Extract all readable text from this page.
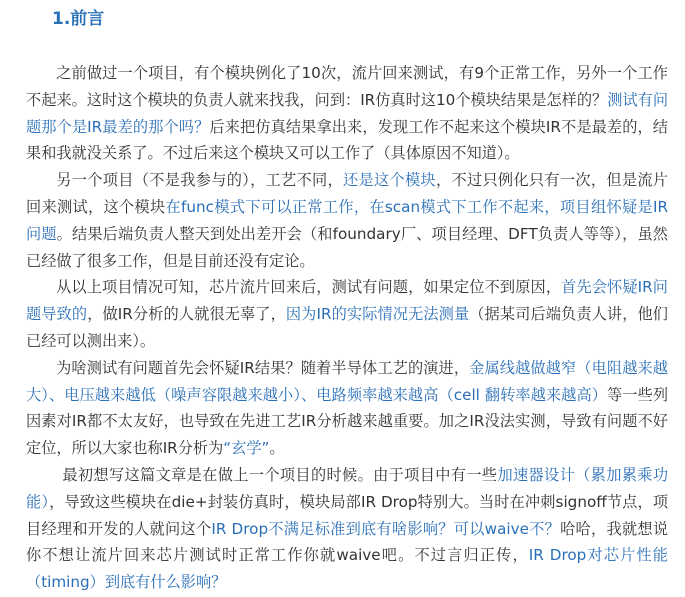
1.前言

之前做过一个项目，有个模块例化了10次，流片回来测试，有9个正常工作，另外一个工作不起来。这时这个模块的负责人就来找我，问到：IR仿真时这10个模块结果是怎样的？测试有问题那个是IR最差的那个吗？后来把仿真结果拿出来，发现工作不起来这个模块IR不是最差的，结果和我就没关系了。不过后来这个模块又可以工作了（具体原因不知道）。

另一个项目（不是我参与的），工艺不同，还是这个模块，不过只例化只有一次，但是流片回来测试，这个模块在func模式下可以正常工作，在scan模式下工作不起来，项目组怀疑是IR问题。结果后端负责人整天到处出差开会（和foundary厂、项目经理、DFT负责人等等），虽然已经做了很多工作，但是目前还没有定论。

从以上项目情况可知，芯片流片回来后，测试有问题，如果定位不到原因，首先会怀疑IR问题导致的，做IR分析的人就很无辜了，因为IR的实际情况无法测量（据某司后端负责人讲，他们已经可以测出来）。

为啥测试有问题首先会怀疑IR结果？随着半导体工艺的演进，金属线越做越窄（电阻越来越大）、电压越来越低（噪声容限越来越小）、电路频率越来越高（cell 翻转率越来越高）等一些列因素对IR都不太友好，也导致在先进工艺IR分析越来越重要。加之IR没法实测，导致有问题不好定位，所以大家也称IR分析为“玄学”。

最初想写这篇文章是在做上一个项目的时候。由于项目中有一些加速器设计（累加累乘功能），导致这些模块在die+封装仿真时，模块局部IR Drop特别大。当时在冲刺signoff节点，项目经理和开发的人就问这个IR Drop不满足标准到底有啥影响？可以waive不？哈哈，我就想说你不想让流片回来芯片测试时正常工作你就waive吧。不过言归正传，IR Drop对芯片性能（timing）到底有什么影响？
